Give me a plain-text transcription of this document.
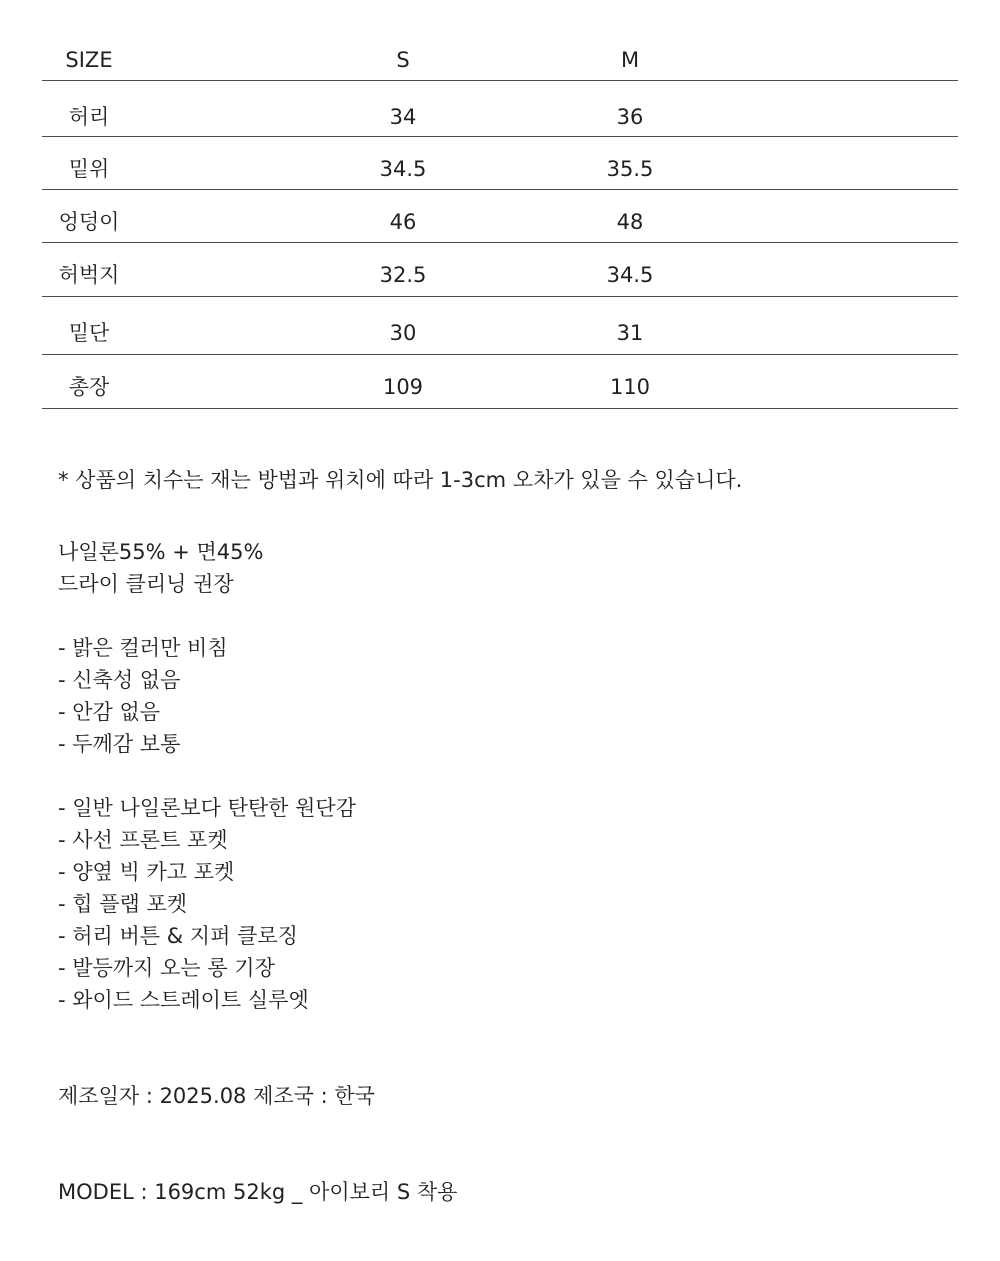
SIZE	S	M
허리	34	36
밑위	34.5	35.5
엉덩이	46	48
허벅지	32.5	34.5
밑단	30	31
총장	109	110
* 상품의 치수는 재는 방법과 위치에 따라 1-3cm 오차가 있을 수 있습니다.
나일론55% + 면45%
드라이 클리닝 권장
- 밝은 컬러만 비침
- 신축성 없음
- 안감 없음
- 두께감 보통
- 일반 나일론보다 탄탄한 원단감
- 사선 프론트 포켓
- 양옆 빅 카고 포켓
- 힙 플랩 포켓
- 허리 버튼 & 지퍼 클로징
- 발등까지 오는 롱 기장
- 와이드 스트레이트 실루엣
제조일자 : 2025.08 제조국 : 한국
MODEL : 169cm 52kg _ 아이보리 S 착용
